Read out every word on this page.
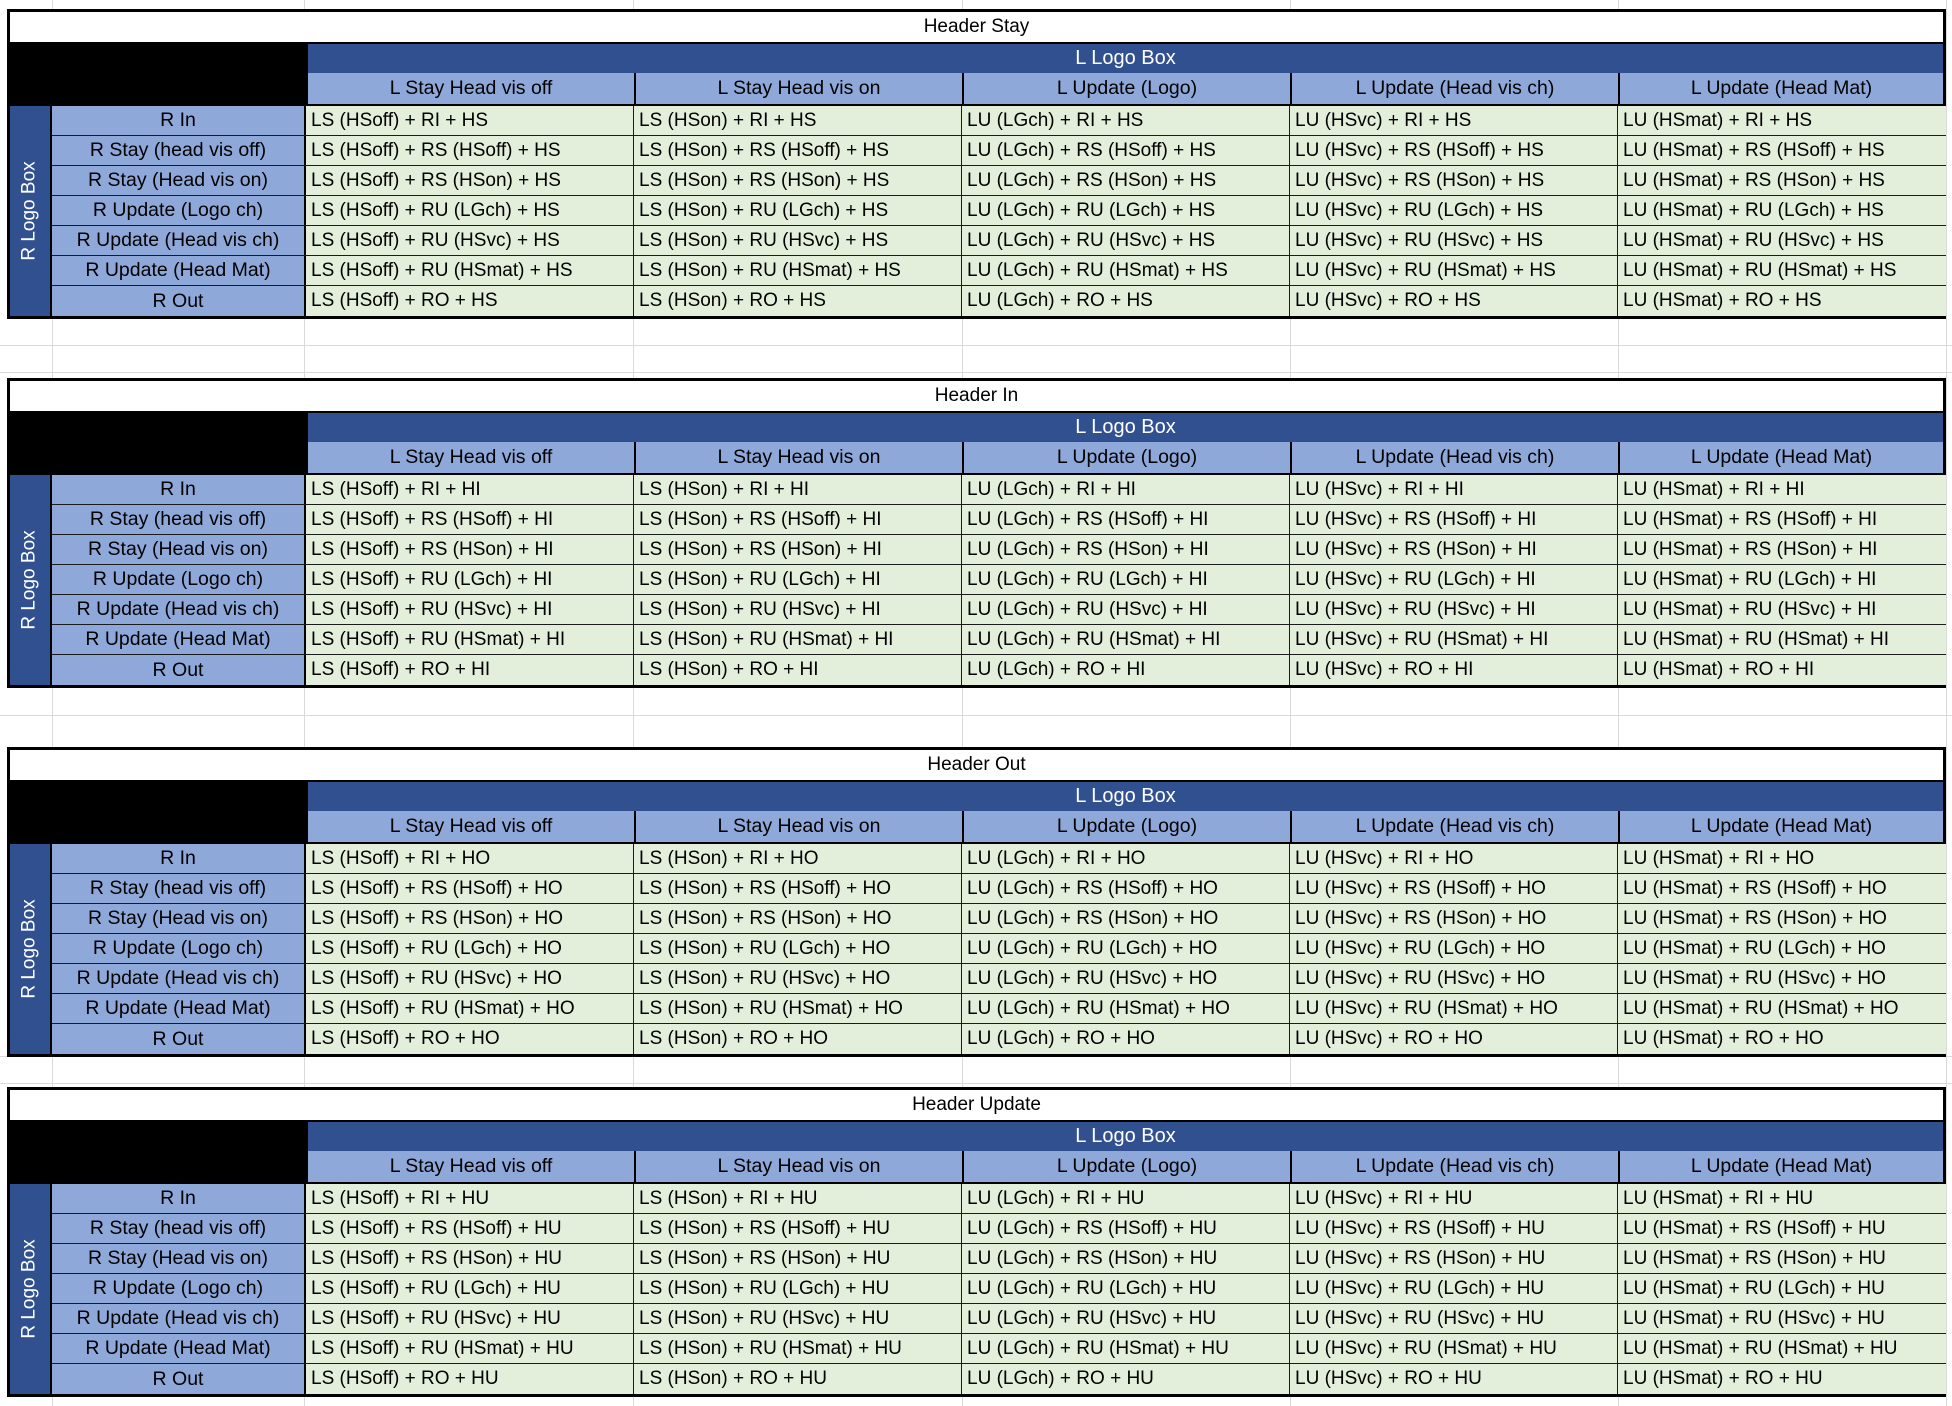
Header Stay
L Logo Box
L Stay Head vis off	L Stay Head vis on	L Update (Logo)	L Update (Head vis ch)	L Update (Head Mat)
R Logo Box
R In	LS (HSoff) + RI + HS	LS (HSon) + RI + HS	LU (LGch) + RI + HS	LU (HSvc) + RI + HS	LU (HSmat) + RI + HS
R Stay (head vis off)	LS (HSoff) + RS (HSoff) + HS	LS (HSon) + RS (HSoff) + HS	LU (LGch) + RS (HSoff) + HS	LU (HSvc) + RS (HSoff) + HS	LU (HSmat) + RS (HSoff) + HS
R Stay (Head vis on)	LS (HSoff) + RS (HSon) + HS	LS (HSon) + RS (HSon) + HS	LU (LGch) + RS (HSon) + HS	LU (HSvc) + RS (HSon) + HS	LU (HSmat) + RS (HSon) + HS
R Update (Logo ch)	LS (HSoff) + RU (LGch) + HS	LS (HSon) + RU (LGch) + HS	LU (LGch) + RU (LGch) + HS	LU (HSvc) + RU (LGch) + HS	LU (HSmat) + RU (LGch) + HS
R Update (Head vis ch)	LS (HSoff) + RU (HSvc) + HS	LS (HSon) + RU (HSvc) + HS	LU (LGch) + RU (HSvc) + HS	LU (HSvc) + RU (HSvc) + HS	LU (HSmat) + RU (HSvc) + HS
R Update (Head Mat)	LS (HSoff) + RU (HSmat) + HS	LS (HSon) + RU (HSmat) + HS	LU (LGch) + RU (HSmat) + HS	LU (HSvc) + RU (HSmat) + HS	LU (HSmat) + RU (HSmat) + HS
R Out	LS (HSoff) + RO + HS	LS (HSon) + RO + HS	LU (LGch) + RO + HS	LU (HSvc) + RO + HS	LU (HSmat) + RO + HS
Header In
L Logo Box
L Stay Head vis off	L Stay Head vis on	L Update (Logo)	L Update (Head vis ch)	L Update (Head Mat)
R Logo Box
R In	LS (HSoff) + RI + HI	LS (HSon) + RI + HI	LU (LGch) + RI + HI	LU (HSvc) + RI + HI	LU (HSmat) + RI + HI
R Stay (head vis off)	LS (HSoff) + RS (HSoff) + HI	LS (HSon) + RS (HSoff) + HI	LU (LGch) + RS (HSoff) + HI	LU (HSvc) + RS (HSoff) + HI	LU (HSmat) + RS (HSoff) + HI
R Stay (Head vis on)	LS (HSoff) + RS (HSon) + HI	LS (HSon) + RS (HSon) + HI	LU (LGch) + RS (HSon) + HI	LU (HSvc) + RS (HSon) + HI	LU (HSmat) + RS (HSon) + HI
R Update (Logo ch)	LS (HSoff) + RU (LGch) + HI	LS (HSon) + RU (LGch) + HI	LU (LGch) + RU (LGch) + HI	LU (HSvc) + RU (LGch) + HI	LU (HSmat) + RU (LGch) + HI
R Update (Head vis ch)	LS (HSoff) + RU (HSvc) + HI	LS (HSon) + RU (HSvc) + HI	LU (LGch) + RU (HSvc) + HI	LU (HSvc) + RU (HSvc) + HI	LU (HSmat) + RU (HSvc) + HI
R Update (Head Mat)	LS (HSoff) + RU (HSmat) + HI	LS (HSon) + RU (HSmat) + HI	LU (LGch) + RU (HSmat) + HI	LU (HSvc) + RU (HSmat) + HI	LU (HSmat) + RU (HSmat) + HI
R Out	LS (HSoff) + RO + HI	LS (HSon) + RO + HI	LU (LGch) + RO + HI	LU (HSvc) + RO + HI	LU (HSmat) + RO + HI
Header Out
L Logo Box
L Stay Head vis off	L Stay Head vis on	L Update (Logo)	L Update (Head vis ch)	L Update (Head Mat)
R Logo Box
R In	LS (HSoff) + RI + HO	LS (HSon) + RI + HO	LU (LGch) + RI + HO	LU (HSvc) + RI + HO	LU (HSmat) + RI + HO
R Stay (head vis off)	LS (HSoff) + RS (HSoff) + HO	LS (HSon) + RS (HSoff) + HO	LU (LGch) + RS (HSoff) + HO	LU (HSvc) + RS (HSoff) + HO	LU (HSmat) + RS (HSoff) + HO
R Stay (Head vis on)	LS (HSoff) + RS (HSon) + HO	LS (HSon) + RS (HSon) + HO	LU (LGch) + RS (HSon) + HO	LU (HSvc) + RS (HSon) + HO	LU (HSmat) + RS (HSon) + HO
R Update (Logo ch)	LS (HSoff) + RU (LGch) + HO	LS (HSon) + RU (LGch) + HO	LU (LGch) + RU (LGch) + HO	LU (HSvc) + RU (LGch) + HO	LU (HSmat) + RU (LGch) + HO
R Update (Head vis ch)	LS (HSoff) + RU (HSvc) + HO	LS (HSon) + RU (HSvc) + HO	LU (LGch) + RU (HSvc) + HO	LU (HSvc) + RU (HSvc) + HO	LU (HSmat) + RU (HSvc) + HO
R Update (Head Mat)	LS (HSoff) + RU (HSmat) + HO	LS (HSon) + RU (HSmat) + HO	LU (LGch) + RU (HSmat) + HO	LU (HSvc) + RU (HSmat) + HO	LU (HSmat) + RU (HSmat) + HO
R Out	LS (HSoff) + RO + HO	LS (HSon) + RO + HO	LU (LGch) + RO + HO	LU (HSvc) + RO + HO	LU (HSmat) + RO + HO
Header Update
L Logo Box
L Stay Head vis off	L Stay Head vis on	L Update (Logo)	L Update (Head vis ch)	L Update (Head Mat)
R Logo Box
R In	LS (HSoff) + RI + HU	LS (HSon) + RI + HU	LU (LGch) + RI + HU	LU (HSvc) + RI + HU	LU (HSmat) + RI + HU
R Stay (head vis off)	LS (HSoff) + RS (HSoff) + HU	LS (HSon) + RS (HSoff) + HU	LU (LGch) + RS (HSoff) + HU	LU (HSvc) + RS (HSoff) + HU	LU (HSmat) + RS (HSoff) + HU
R Stay (Head vis on)	LS (HSoff) + RS (HSon) + HU	LS (HSon) + RS (HSon) + HU	LU (LGch) + RS (HSon) + HU	LU (HSvc) + RS (HSon) + HU	LU (HSmat) + RS (HSon) + HU
R Update (Logo ch)	LS (HSoff) + RU (LGch) + HU	LS (HSon) + RU (LGch) + HU	LU (LGch) + RU (LGch) + HU	LU (HSvc) + RU (LGch) + HU	LU (HSmat) + RU (LGch) + HU
R Update (Head vis ch)	LS (HSoff) + RU (HSvc) + HU	LS (HSon) + RU (HSvc) + HU	LU (LGch) + RU (HSvc) + HU	LU (HSvc) + RU (HSvc) + HU	LU (HSmat) + RU (HSvc) + HU
R Update (Head Mat)	LS (HSoff) + RU (HSmat) + HU	LS (HSon) + RU (HSmat) + HU	LU (LGch) + RU (HSmat) + HU	LU (HSvc) + RU (HSmat) + HU	LU (HSmat) + RU (HSmat) + HU
R Out	LS (HSoff) + RO + HU	LS (HSon) + RO + HU	LU (LGch) + RO + HU	LU (HSvc) + RO + HU	LU (HSmat) + RO + HU
